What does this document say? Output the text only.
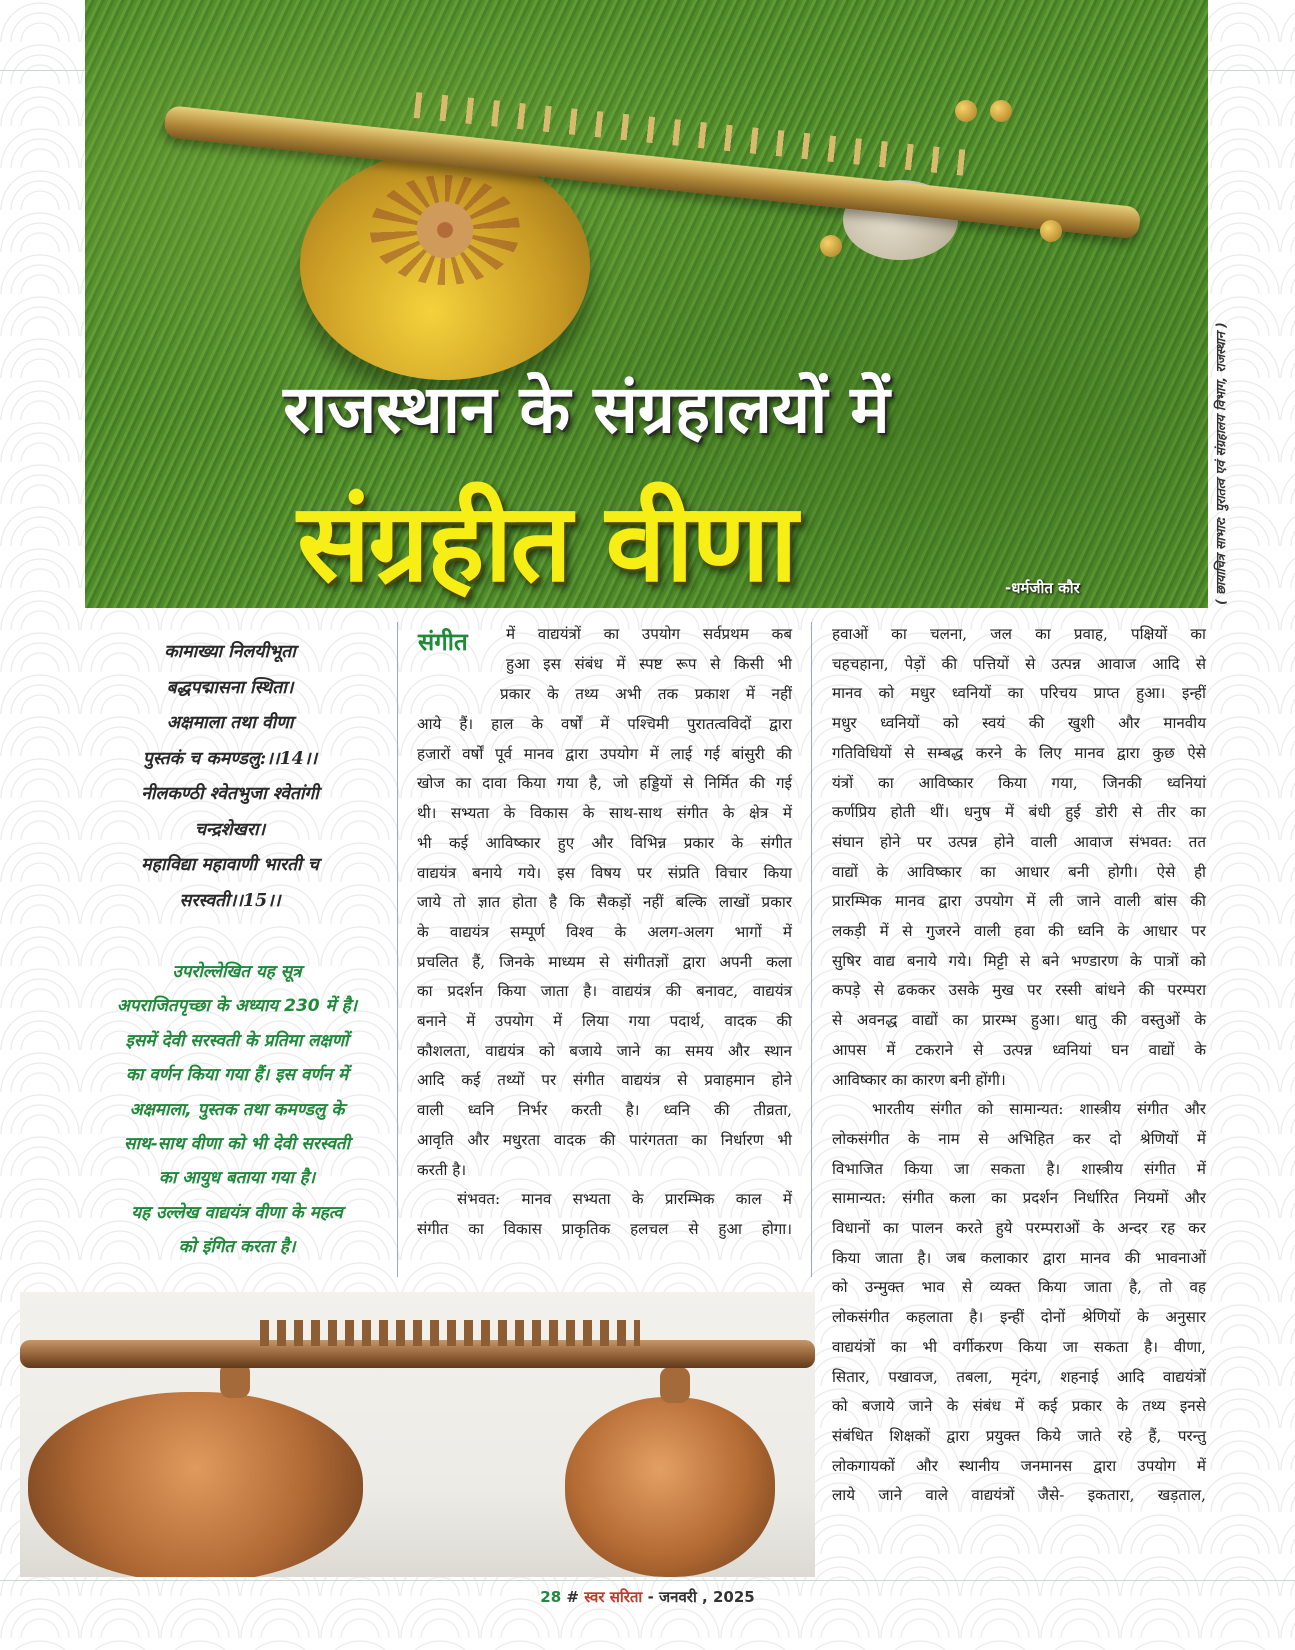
राजस्थान के संग्रहालयों में
संग्रहीत वीणा	-धर्मजीत कौर	( छायाचित्र साभार: पुरातत्व एवं संग्रहालय विभाग, राजस्थान )
कामाख्या निलयीभूता
बद्धपद्मासना स्थिता।
अक्षमाला तथा वीणा
पुस्तकं च कमण्डलु:।।14।।
नीलकण्ठी श्वेतभुजा श्वेतांगी
चन्द्रशेखरा।
महाविद्या महावाणी भारती च
सरस्वती।।15।।
उपरोल्लेखित यह सूत्र
अपराजितपृच्छा के अध्याय 230 में है।
इसमें देवी सरस्वती के प्रतिमा लक्षणों
का वर्णन किया गया हैं। इस वर्णन में
अक्षमाला, पुस्तक तथा कमण्डलु के
साथ-साथ वीणा को भी देवी सरस्वती
का आयुध बताया गया है।
यह उल्लेख वाद्ययंत्र वीणा के महत्व
को इंगित करता है।
संगीत	में वाद्ययंत्रों का उपयोग सर्वप्रथम कब
हुआ इस संबंध में स्पष्ट रूप से किसी भी
प्रकार के तथ्य अभी तक प्रकाश में नहीं
आये हैं। हाल के वर्षों में पश्चिमी पुरातत्वविदों द्वारा
हजारों वर्षों पूर्व मानव द्वारा उपयोग में लाई गई बांसुरी की
खोज का दावा किया गया है, जो हड्डियों से निर्मित की गई
थी। सभ्यता के विकास के साथ-साथ संगीत के क्षेत्र में
भी कई आविष्कार हुए और विभिन्न प्रकार के संगीत
वाद्ययंत्र बनाये गये। इस विषय पर संप्रति विचार किया
जाये तो ज्ञात होता है कि सैकड़ों नहीं बल्कि लाखों प्रकार
के वाद्ययंत्र सम्पूर्ण विश्व के अलग-अलग भागों में
प्रचलित हैं, जिनके माध्यम से संगीतज्ञों द्वारा अपनी कला
का प्रदर्शन किया जाता है। वाद्ययंत्र की बनावट, वाद्ययंत्र
बनाने में उपयोग में लिया गया पदार्थ, वादक की
कौशलता, वाद्ययंत्र को बजाये जाने का समय और स्थान
आदि कई तथ्यों पर संगीत वाद्ययंत्र से प्रवाहमान होने
वाली ध्वनि निर्भर करती है। ध्वनि की तीव्रता,
आवृति और मधुरता वादक की पारंगतता का निर्धारण भी
करती है।
संभवत: मानव सभ्यता के प्रारम्भिक काल में
संगीत का विकास प्राकृतिक हलचल से हुआ होगा।
हवाओं का चलना, जल का प्रवाह, पक्षियों का
चहचहाना, पेड़ों की पत्तियों से उत्पन्न आवाज आदि से
मानव को मधुर ध्वनियों का परिचय प्राप्त हुआ। इन्हीं
मधुर ध्वनियों को स्वयं की खुशी और मानवीय
गतिविधियों से सम्बद्ध करने के लिए मानव द्वारा कुछ ऐसे
यंत्रों का आविष्कार किया गया, जिनकी ध्वनियां
कर्णप्रिय होती थीं। धनुष में बंधी हुई डोरी से तीर का
संघान होने पर उत्पन्न होने वाली आवाज संभवत: तत
वाद्यों के आविष्कार का आधार बनी होगी। ऐसे ही
प्रारम्भिक मानव द्वारा उपयोग में ली जाने वाली बांस की
लकड़ी में से गुजरने वाली हवा की ध्वनि के आधार पर
सुषिर वाद्य बनाये गये। मिट्टी से बने भण्डारण के पात्रों को
कपड़े से ढककर उसके मुख पर रस्सी बांधने की परम्परा
से अवनद्ध वाद्यों का प्रारम्भ हुआ। धातु की वस्तुओं के
आपस में टकराने से उत्पन्न ध्वनियां घन वाद्यों के
आविष्कार का कारण बनी होंगी।
भारतीय संगीत को सामान्यत: शास्त्रीय संगीत और
लोकसंगीत के नाम से अभिहित कर दो श्रेणियों में
विभाजित किया जा सकता है। शास्त्रीय संगीत में
सामान्यत: संगीत कला का प्रदर्शन निर्धारित नियमों और
विधानों का पालन करते हुये परम्पराओं के अन्दर रह कर
किया जाता है। जब कलाकार द्वारा मानव की भावनाओं
को उन्मुक्त भाव से व्यक्त किया जाता है, तो वह
लोकसंगीत कहलाता है। इन्हीं दोनों श्रेणियों के अनुसार
वाद्ययंत्रों का भी वर्गीकरण किया जा सकता है। वीणा,
सितार, पखावज, तबला, मृदंग, शहनाई आदि वाद्ययंत्रों
को बजाये जाने के संबंध में कई प्रकार के तथ्य इनसे
संबंधित शिक्षकों द्वारा प्रयुक्त किये जाते रहे हैं, परन्तु
लोकगायकों और स्थानीय जनमानस द्वारा उपयोग में
लाये जाने वाले वाद्ययंत्रों जैसे- इकतारा, खड़ताल,
28 # स्वर सरिता - जनवरी , 2025
